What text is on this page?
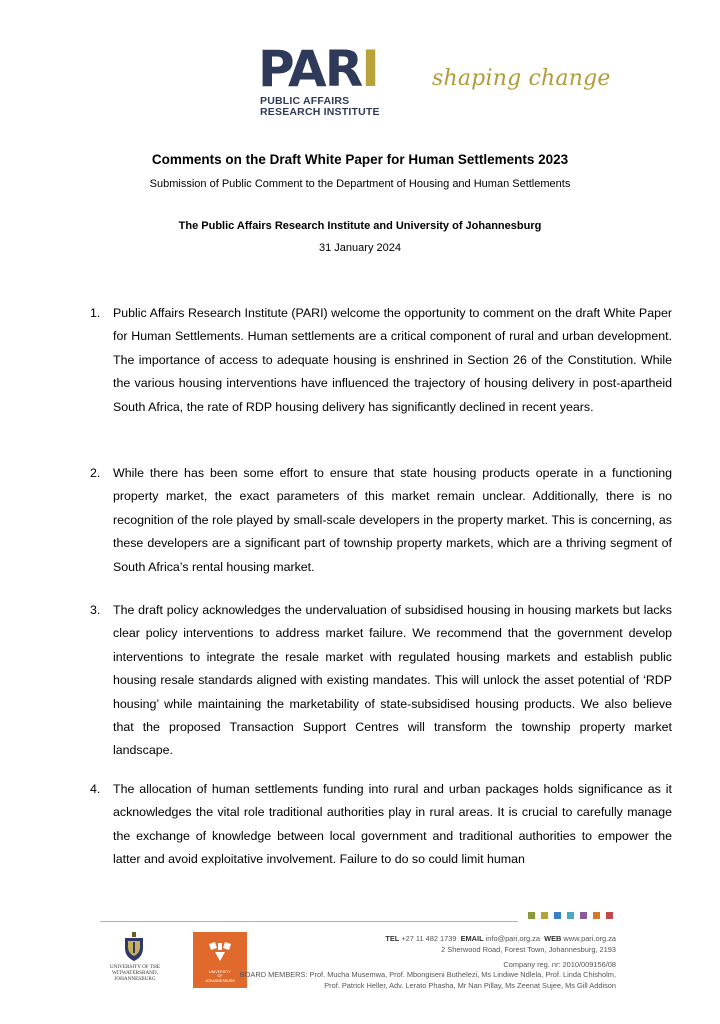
PARI
PUBLIC AFFAIRS
RESEARCH INSTITUTE
shaping change
Comments on the Draft White Paper for Human Settlements 2023
Submission of Public Comment to the Department of Housing and Human Settlements
The Public Affairs Research Institute and University of Johannesburg
31 January 2024
1. Public Affairs Research Institute (PARI) welcome the opportunity to comment on the draft White Paper for Human Settlements. Human settlements are a critical component of rural and urban development. The importance of access to adequate housing is enshrined in Section 26 of the Constitution. While the various housing interventions have influenced the trajectory of housing delivery in post-apartheid South Africa, the rate of RDP housing delivery has significantly declined in recent years.
2. While there has been some effort to ensure that state housing products operate in a functioning property market, the exact parameters of this market remain unclear. Additionally, there is no recognition of the role played by small-scale developers in the property market. This is concerning, as these developers are a significant part of township property markets, which are a thriving segment of South Africa’s rental housing market.
3. The draft policy acknowledges the undervaluation of subsidised housing in housing markets but lacks clear policy interventions to address market failure. We recommend that the government develop interventions to integrate the resale market with regulated housing markets and establish public housing resale standards aligned with existing mandates. This will unlock the asset potential of ‘RDP housing’ while maintaining the marketability of state-subsidised housing products. We also believe that the proposed Transaction Support Centres will transform the township property market landscape.
4. The allocation of human settlements funding into rural and urban packages holds significance as it acknowledges the vital role traditional authorities play in rural areas. It is crucial to carefully manage the exchange of knowledge between local government and traditional authorities to empower the latter and avoid exploitative involvement. Failure to do so could limit human
UNIVERSITY OF THE
WITWATERSRAND,
JOHANNESBURG
UNIVERSITY
OF
JOHANNESBURG
TEL +27 11 482 1739 EMAIL info@pari.org.za WEB www.pari.org.za
2 Sherwood Road, Forest Town, Johannesburg, 2193
Company reg. nr: 2010/009156/08
BOARD MEMBERS: Prof. Mucha Musemwa, Prof. Mbongiseni Buthelezi, Ms Lindiwe Ndlela, Prof. Linda Chisholm,
Prof. Patrick Heller, Adv. Lerato Phasha, Mr Nan Pillay, Ms Zeenat Sujee, Ms Gill Addison
